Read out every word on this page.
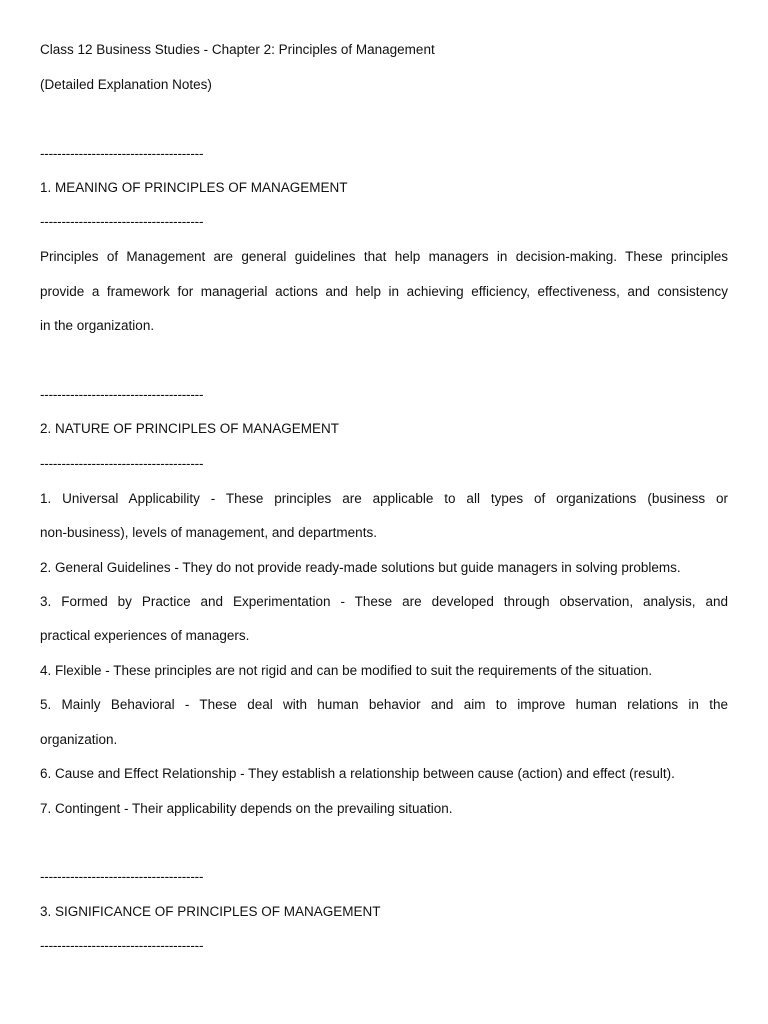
Class 12 Business Studies - Chapter 2: Principles of Management
(Detailed Explanation Notes)
--------------------------------------
1. MEANING OF PRINCIPLES OF MANAGEMENT
--------------------------------------
Principles of Management are general guidelines that help managers in decision-making. These principles
provide a framework for managerial actions and help in achieving efficiency, effectiveness, and consistency
in the organization.
--------------------------------------
2. NATURE OF PRINCIPLES OF MANAGEMENT
--------------------------------------
1. Universal Applicability - These principles are applicable to all types of organizations (business or
non-business), levels of management, and departments.
2. General Guidelines - They do not provide ready-made solutions but guide managers in solving problems.
3. Formed by Practice and Experimentation - These are developed through observation, analysis, and
practical experiences of managers.
4. Flexible - These principles are not rigid and can be modified to suit the requirements of the situation.
5. Mainly Behavioral - These deal with human behavior and aim to improve human relations in the
organization.
6. Cause and Effect Relationship - They establish a relationship between cause (action) and effect (result).
7. Contingent - Their applicability depends on the prevailing situation.
--------------------------------------
3. SIGNIFICANCE OF PRINCIPLES OF MANAGEMENT
--------------------------------------
